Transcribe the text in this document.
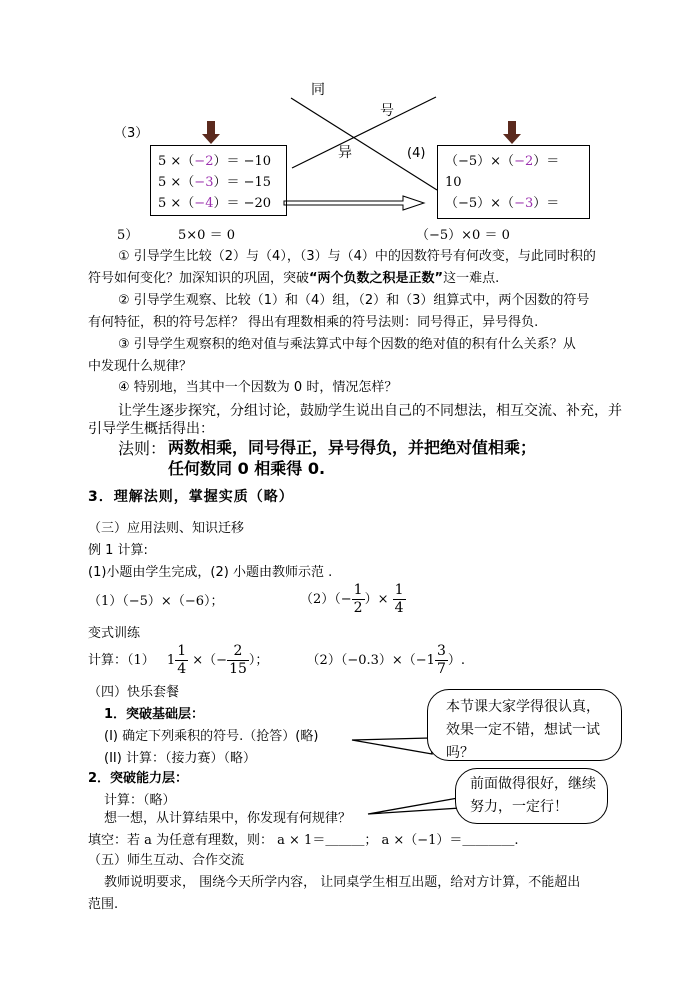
同
号
异
（3）
(4)
5 ×（−2）＝ −10
5 ×（−3）＝ −15
5 ×（−4）＝ −20
（−5）×（−2）＝
10
（−5）×（−3）＝
5）	5×0 ＝ 0	（−5）×0 ＝ 0
① 引导学生比较（2）与（4），（3）与（4）中的因数符号有何改变，与此同时积的
符号如何变化？加深知识的巩固，突破“两个负数之积是正数”这一难点.
② 引导学生观察、比较（1）和（4）组，（2）和（3）组算式中，两个因数的符号
有何特征，积的符号怎样？ 得出有理数相乘的符号法则：同号得正，异号得负.
③ 引导学生观察积的绝对值与乘法算式中每个因数的绝对值的积有什么关系？从
中发现什么规律？
④ 特别地，当其中一个因数为 0 时，情况怎样？
让学生逐步探究，分组讨论，鼓励学生说出自己的不同想法，相互交流、补充，并
引导学生概括得出：
法则： 两数相乘，同号得正，异号得负，并把绝对值相乘；
任何数同 0 相乘得 0.
3．理解法则，掌握实质（略）
（三）应用法则、知识迁移
例 1 计算:
(1)小题由学生完成，(2) 小题由教师示范 .
（1）（−5）×（−6）；	$(2)(- \frac{1}{2}$ ）× $\frac{1}{4}$
变式训练
计算：（1） $1 \frac{1}{4}$ ×（− $\frac{2}{15}$ ）；	$(2)(-0.3)\times(-1 \frac{3}{7}$ ）.
（四）快乐套餐
1．突破基础层：
(I) 确定下列乘积的符号.（抢答）(略)
(II) 计算：（接力赛）（略）
2．突破能力层：
计算：（略）
想一想，从计算结果中，你发现有何规律？
填空：若 a 为任意有理数，则： a × 1＝＿＿＿； a ×（−1）＝＿＿＿＿.
（五）师生互动、合作交流
教师说明要求， 围绕今天所学内容， 让同桌学生相互出题，给对方计算，不能超出
范围.
本节课大家学得很认真，
效果一定不错，想试一试
吗？
前面做得很好，继续
努力，一定行！
